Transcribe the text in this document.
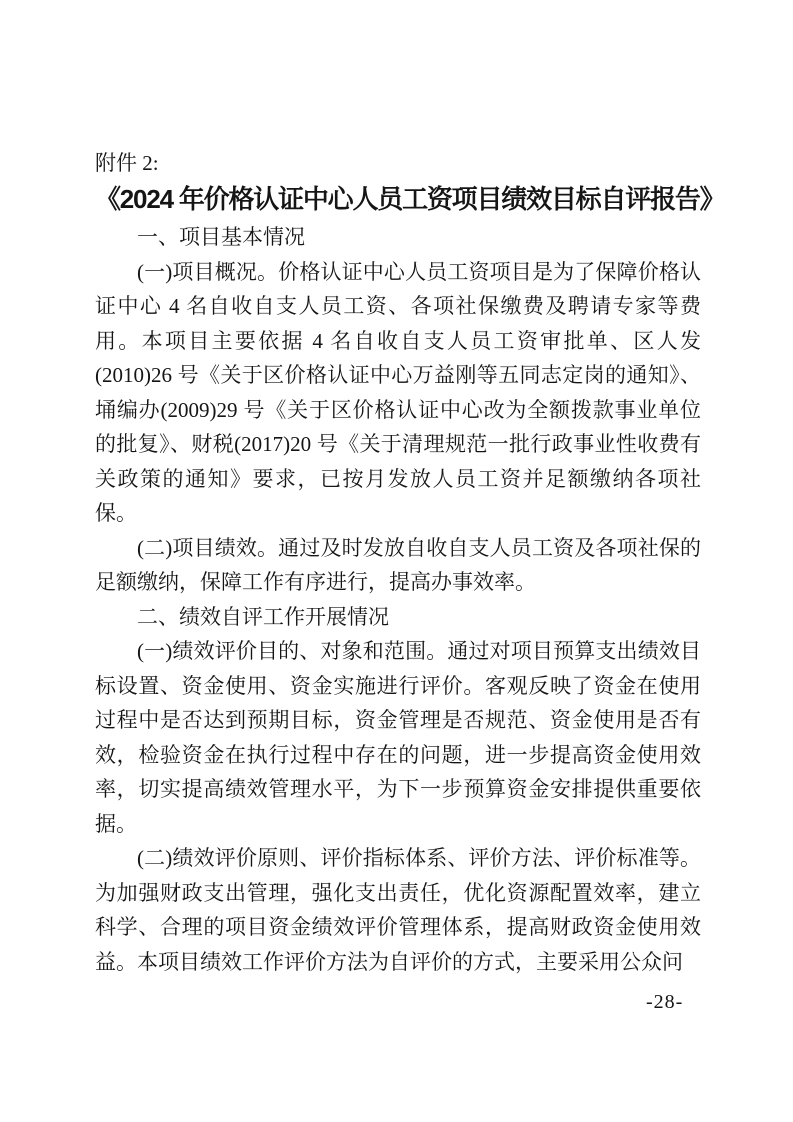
附件 2:

《2024 年价格认证中心人员工资项目绩效目标自评报告》

一、项目基本情况

(一)项目概况。价格认证中心人员工资项目是为了保障价格认证中心 4 名自收自支人员工资、各项社保缴费及聘请专家等费用。本项目主要依据 4 名自收自支人员工资审批单、区人发(2010)26 号《关于区价格认证中心万益刚等五同志定岗的通知》、埇编办(2009)29 号《关于区价格认证中心改为全额拨款事业单位的批复》、财税(2017)20 号《关于清理规范一批行政事业性收费有关政策的通知》要求，已按月发放人员工资并足额缴纳各项社保。

(二)项目绩效。通过及时发放自收自支人员工资及各项社保的足额缴纳，保障工作有序进行，提高办事效率。

二、绩效自评工作开展情况

(一)绩效评价目的、对象和范围。通过对项目预算支出绩效目标设置、资金使用、资金实施进行评价。客观反映了资金在使用过程中是否达到预期目标，资金管理是否规范、资金使用是否有效，检验资金在执行过程中存在的问题，进一步提高资金使用效率，切实提高绩效管理水平，为下一步预算资金安排提供重要依据。

(二)绩效评价原则、评价指标体系、评价方法、评价标准等。为加强财政支出管理，强化支出责任，优化资源配置效率，建立科学、合理的项目资金绩效评价管理体系，提高财政资金使用效益。本项目绩效工作评价方法为自评价的方式，主要采用公众问

-28-
